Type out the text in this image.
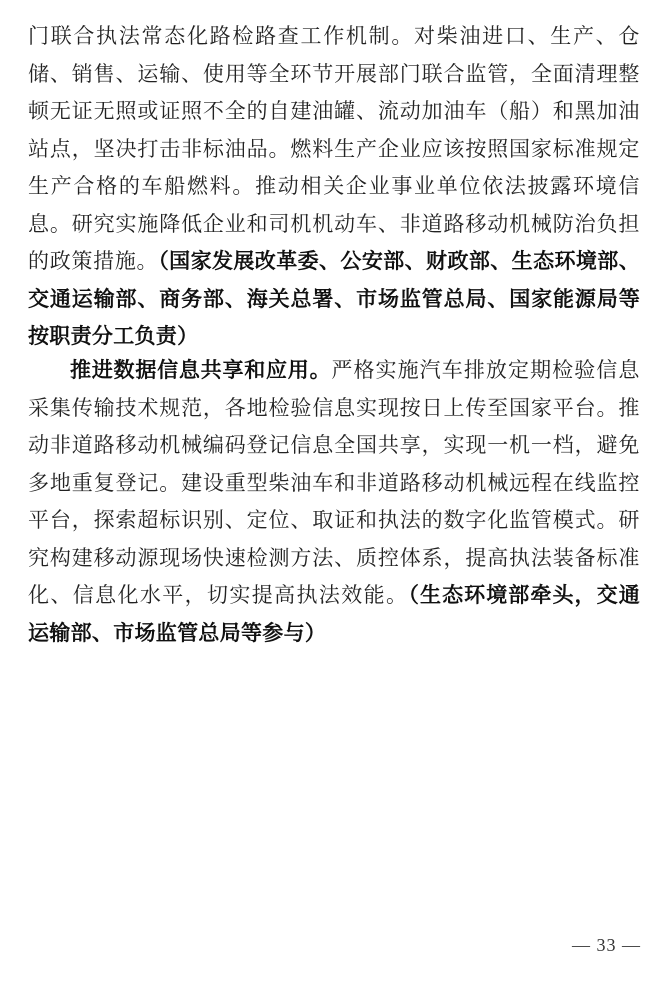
门联合执法常态化路检路查工作机制。对柴油进口、生产、仓储、销售、运输、使用等全环节开展部门联合监管，全面清理整顿无证无照或证照不全的自建油罐、流动加油车（船）和黑加油站点，坚决打击非标油品。燃料生产企业应该按照国家标准规定生产合格的车船燃料。推动相关企业事业单位依法披露环境信息。研究实施降低企业和司机机动车、非道路移动机械防治负担的政策措施。（国家发展改革委、公安部、财政部、生态环境部、交通运输部、商务部、海关总署、市场监管总局、国家能源局等按职责分工负责）

推进数据信息共享和应用。严格实施汽车排放定期检验信息采集传输技术规范，各地检验信息实现按日上传至国家平台。推动非道路移动机械编码登记信息全国共享，实现一机一档，避免多地重复登记。建设重型柴油车和非道路移动机械远程在线监控平台，探索超标识别、定位、取证和执法的数字化监管模式。研究构建移动源现场快速检测方法、质控体系，提高执法装备标准化、信息化水平，切实提高执法效能。（生态环境部牵头，交通运输部、市场监管总局等参与）

— 33 —
